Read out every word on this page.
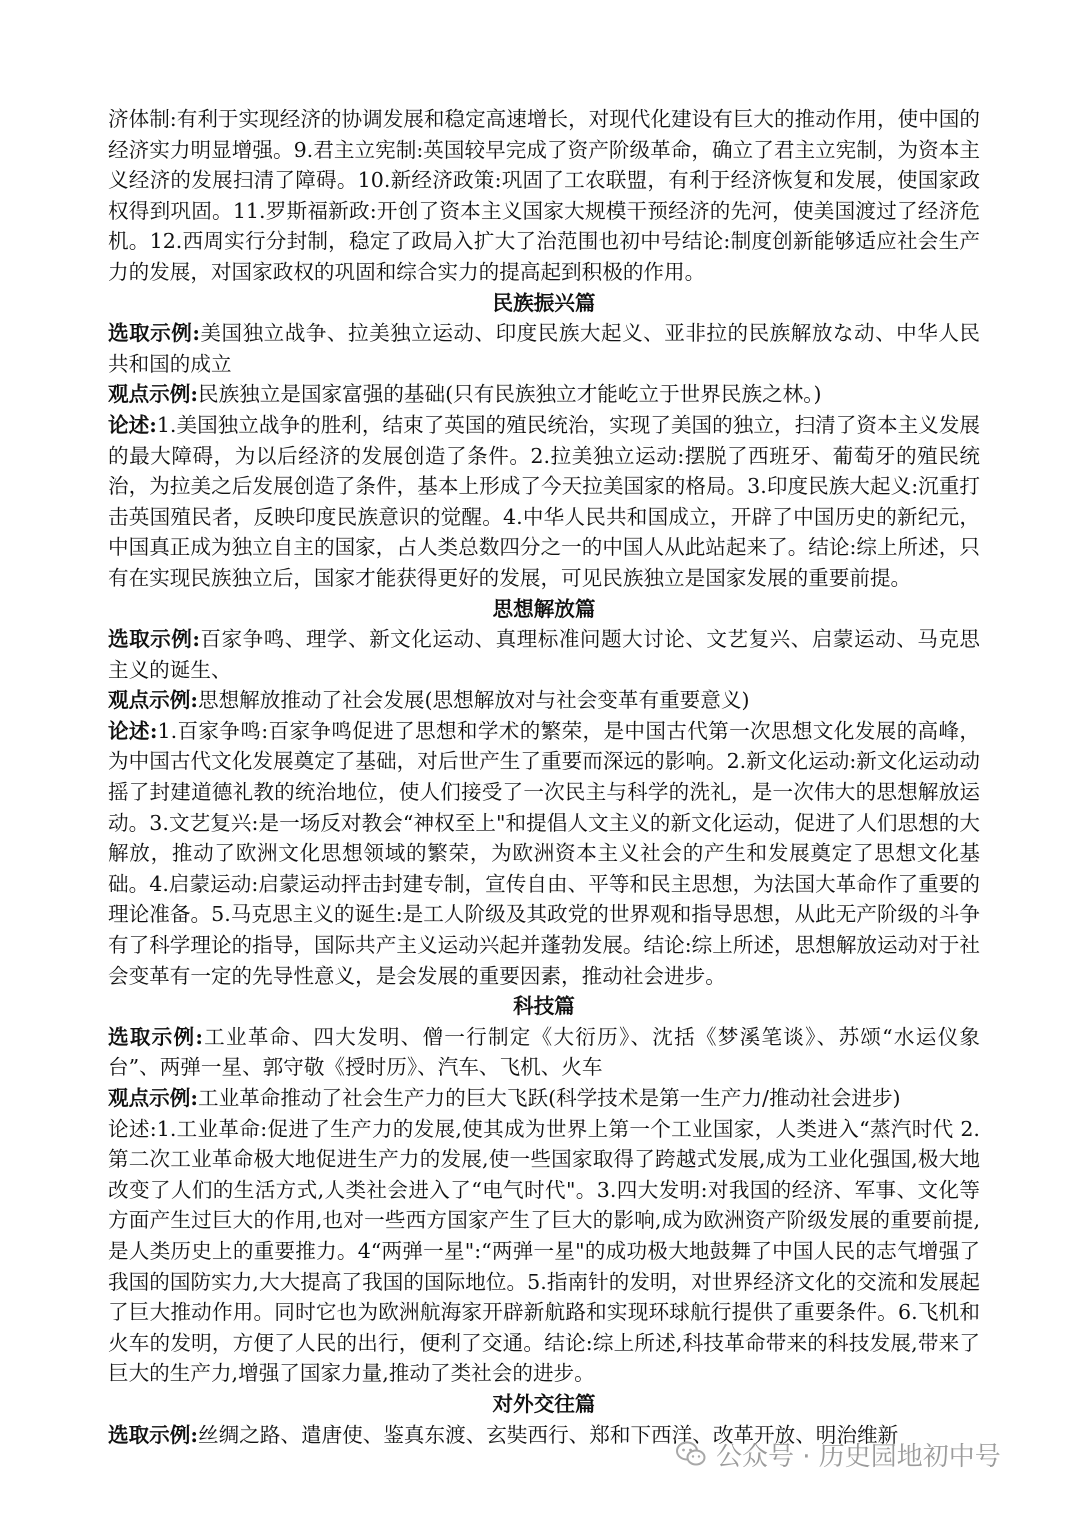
济体制:有利于实现经济的协调发展和稳定高速增长，对现代化建设有巨大的推动作用，使中国的经济实力明显增强。9.君主立宪制:英国较早完成了资产阶级革命，确立了君主立宪制，为资本主义经济的发展扫清了障碍。10.新经济政策:巩固了工农联盟，有利于经济恢复和发展，使国家政权得到巩固。11.罗斯福新政:开创了资本主义国家大规模干预经济的先河，使美国渡过了经济危机。12.西周实行分封制，稳定了政局入扩大了治范围也初中号结论:制度创新能够适应社会生产力的发展，对国家政权的巩固和综合实力的提高起到积极的作用。

民族振兴篇

选取示例:美国独立战争、拉美独立运动、印度民族大起义、亚非拉的民族解放な动、中华人民共和国的成立

观点示例:民族独立是国家富强的基础(只有民族独立才能屹立于世界民族之林。)

论述:1.美国独立战争的胜利，结束了英国的殖民统治，实现了美国的独立，扫清了资本主义发展的最大障碍，为以后经济的发展创造了条件。2.拉美独立运动:摆脱了西班牙、葡萄牙的殖民统治，为拉美之后发展创造了条件，基本上形成了今天拉美国家的格局。3.印度民族大起义:沉重打击英国殖民者，反映印度民族意识的觉醒。4.中华人民共和国成立，开辟了中国历史的新纪元，中国真正成为独立自主的国家，占人类总数四分之一的中国人从此站起来了。结论:综上所述，只有在实现民族独立后，国家才能获得更好的发展，可见民族独立是国家发展的重要前提。

思想解放篇

选取示例:百家争鸣、理学、新文化运动、真理标准问题大讨论、文艺复兴、启蒙运动、马克思主义的诞生、

观点示例:思想解放推动了社会发展(思想解放对与社会变革有重要意义)

论述:1.百家争鸣:百家争鸣促进了思想和学术的繁荣，是中国古代第一次思想文化发展的高峰，为中国古代文化发展奠定了基础，对后世产生了重要而深远的影响。2.新文化运动:新文化运动动摇了封建道德礼教的统治地位，使人们接受了一次民主与科学的洗礼，是一次伟大的思想解放运动。3.文艺复兴:是一场反对教会“神权至上"和提倡人文主义的新文化运动，促进了人们思想的大解放，推动了欧洲文化思想领域的繁荣，为欧洲资本主义社会的产生和发展奠定了思想文化基础。4.启蒙运动:启蒙运动抨击封建专制，宣传自由、平等和民主思想，为法国大革命作了重要的理论准备。5.马克思主义的诞生:是工人阶级及其政党的世界观和指导思想，从此无产阶级的斗争有了科学理论的指导，国际共产主义运动兴起并蓬勃发展。结论:综上所述，思想解放运动对于社会变革有一定的先导性意义，是会发展的重要因素，推动社会进步。

科技篇

选取示例:工业革命、四大发明、僧一行制定《大衍历》、沈括《梦溪笔谈》、苏颂“水运仪象台”、两弹一星、郭守敬《授时历》、汽车、飞机、火车

观点示例:工业革命推动了社会生产力的巨大飞跃(科学技术是第一生产力/推动社会进步)

论述:1.工业革命:促进了生产力的发展,使其成为世界上第一个工业国家，人类进入“蒸汽时代 2.第二次工业革命极大地促进生产力的发展,使一些国家取得了跨越式发展,成为工业化强国,极大地改变了人们的生活方式,人类社会进入了“电气时代"。3.四大发明:对我国的经济、军事、文化等方面产生过巨大的作用,也对一些西方国家产生了巨大的影响,成为欧洲资产阶级发展的重要前提,是人类历史上的重要推力。4“两弹一星":“两弹一星"的成功极大地鼓舞了中国人民的志气增强了我国的国防实力,大大提高了我国的国际地位。5.指南针的发明，对世界经济文化的交流和发展起了巨大推动作用。同时它也为欧洲航海家开辟新航路和实现环球航行提供了重要条件。6.飞机和火车的发明，方便了人民的出行，便利了交通。结论:综上所述,科技革命带来的科技发展,带来了巨大的生产力,增强了国家力量,推动了类社会的进步。

对外交往篇

选取示例:丝绸之路、遣唐使、鉴真东渡、玄奘西行、郑和下西洋、改革开放、明治维新

公众号 · 历史园地初中号
